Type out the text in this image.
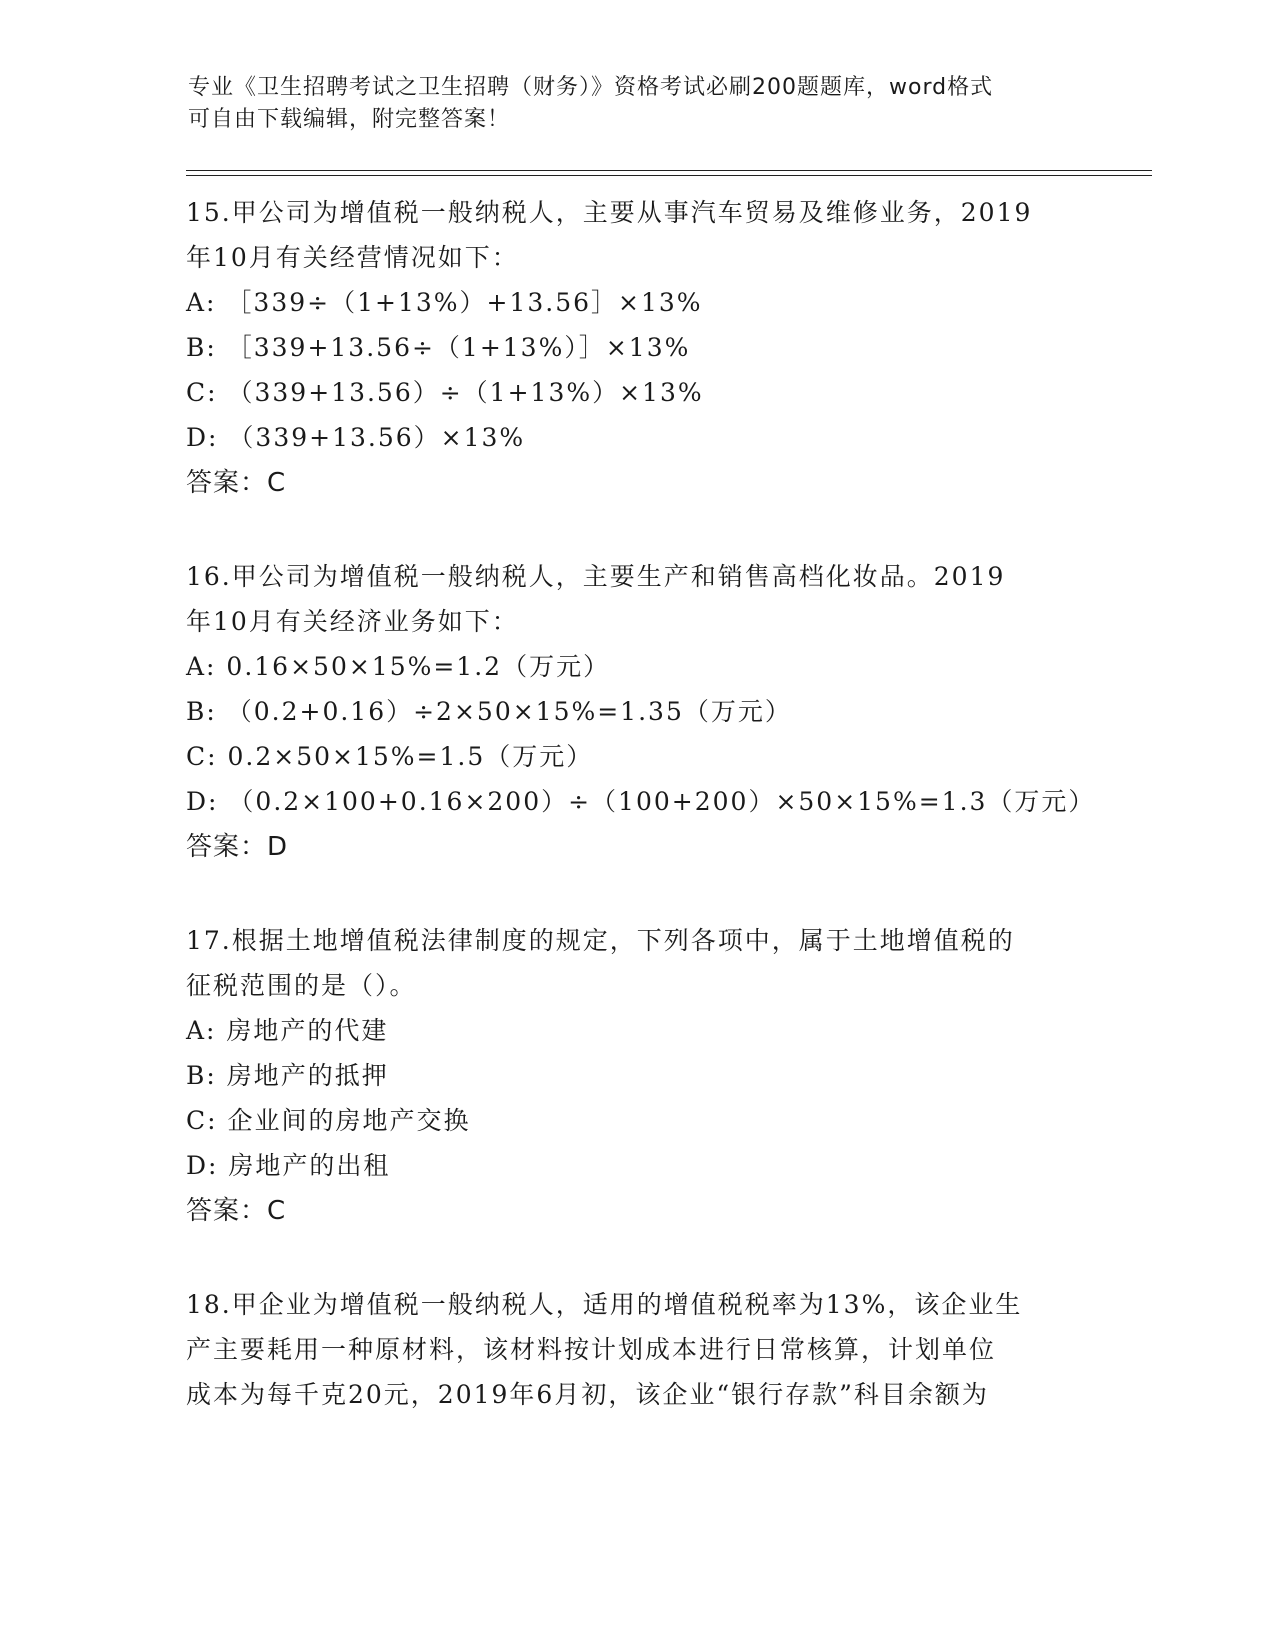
专业《卫生招聘考试之卫生招聘（财务）》资格考试必刷200题题库，word格式
可自由下载编辑，附完整答案！

15.甲公司为增值税一般纳税人，主要从事汽车贸易及维修业务，2019
年10月有关经营情况如下：

A: ［339÷（1+13%）+13.56］×13%

B: ［339+13.56÷（1+13%）］×13%

C: （339+13.56）÷（1+13%）×13%

D: （339+13.56）×13%

答案：C

16.甲公司为增值税一般纳税人，主要生产和销售高档化妆品。2019
年10月有关经济业务如下：

A: 0.16×50×15%=1.2（万元）

B: （0.2+0.16）÷2×50×15%=1.35（万元）

C: 0.2×50×15%=1.5（万元）

D: （0.2×100+0.16×200）÷（100+200）×50×15%=1.3（万元）

答案：D

17.根据土地增值税法律制度的规定，下列各项中，属于土地增值税的
征税范围的是（）。

A: 房地产的代建

B: 房地产的抵押

C: 企业间的房地产交换

D: 房地产的出租

答案：C

18.甲企业为增值税一般纳税人，适用的增值税税率为13%，该企业生
产主要耗用一种原材料，该材料按计划成本进行日常核算，计划单位
成本为每千克20元，2019年6月初，该企业“银行存款”科目余额为
